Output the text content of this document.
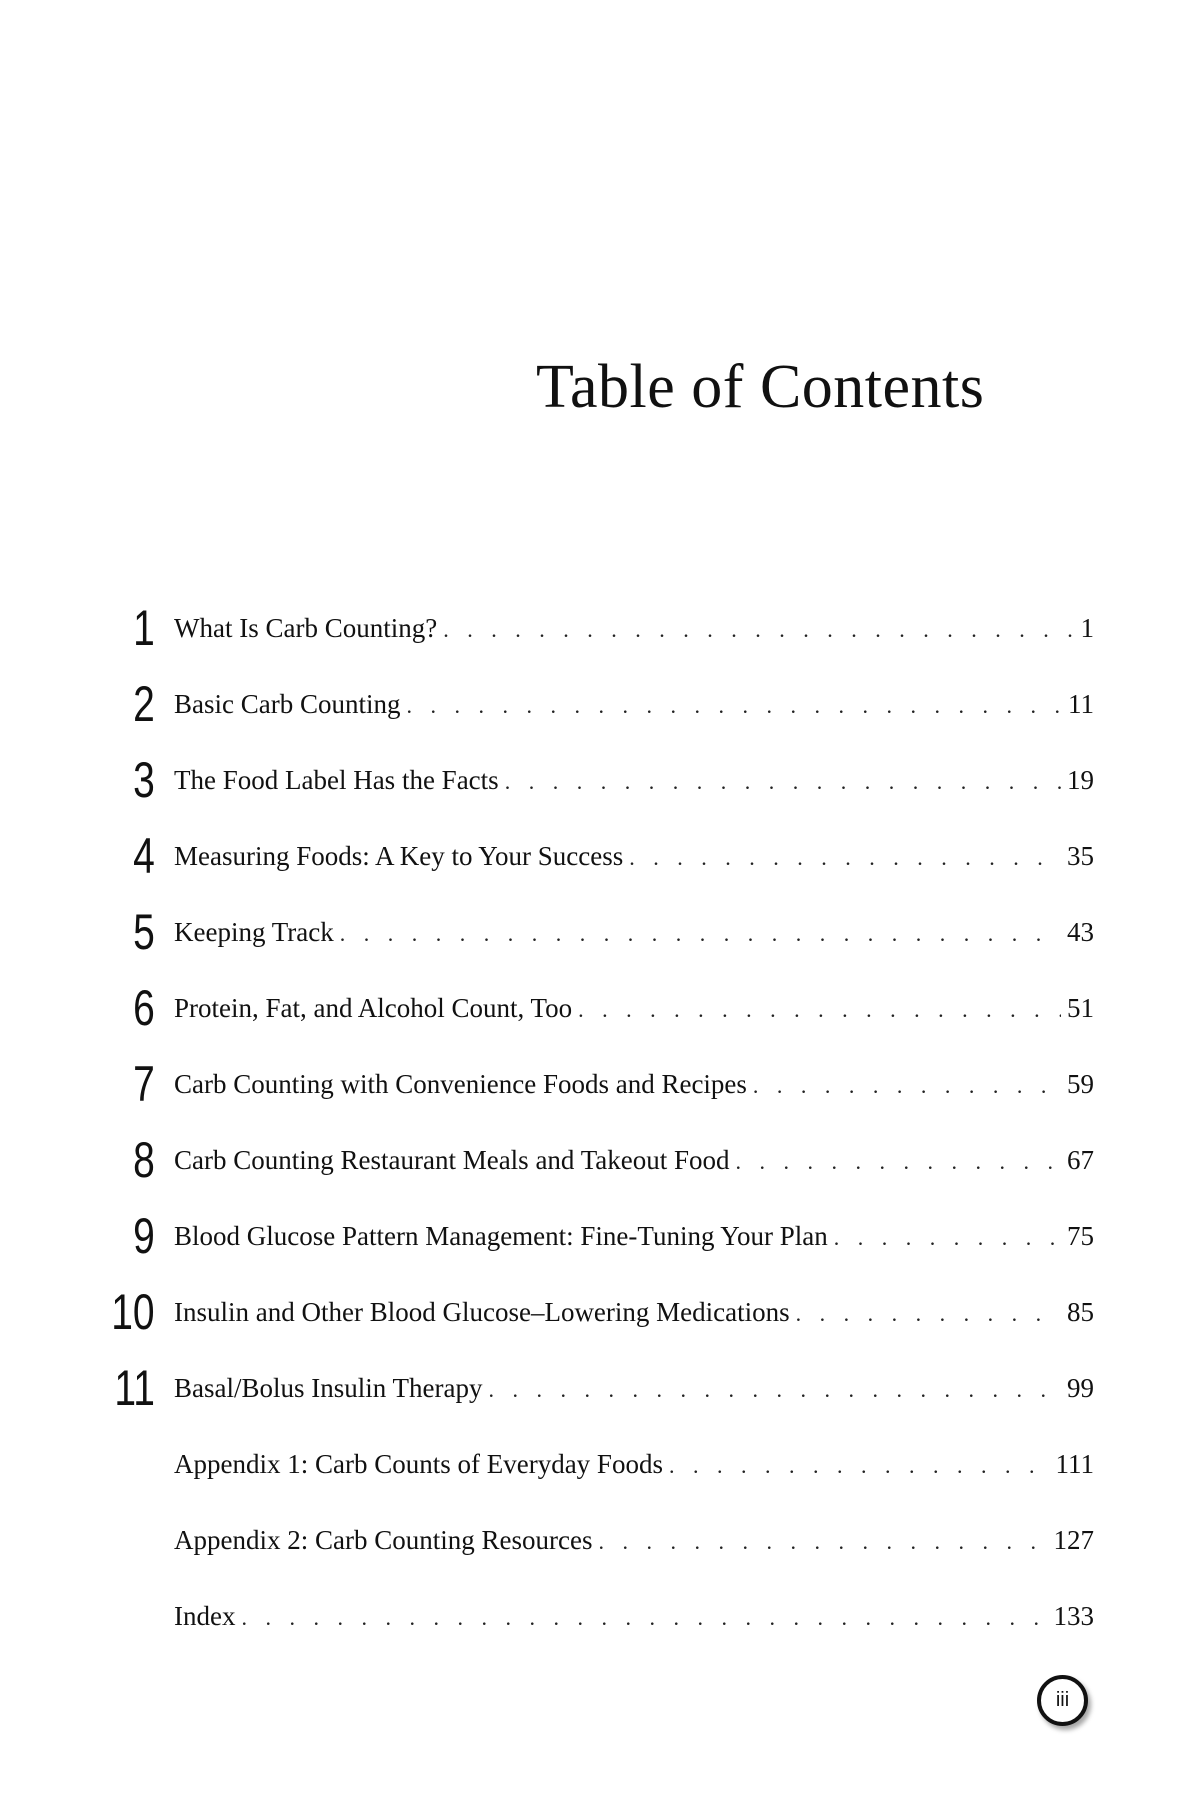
Table of Contents
1 What Is Carb Counting? . . .	1
2 Basic Carb Counting . . .	11
3 The Food Label Has the Facts . . .	19
4 Measuring Foods: A Key to Your Success . . .	35
5 Keeping Track . . .	43
6 Protein, Fat, and Alcohol Count, Too . . .	51
7 Carb Counting with Convenience Foods and Recipes . . .	59
8 Carb Counting Restaurant Meals and Takeout Food . . .	67
9 Blood Glucose Pattern Management: Fine-Tuning Your Plan . . .	75
10 Insulin and Other Blood Glucose–Lowering Medications . . .	85
11 Basal/Bolus Insulin Therapy . . .	99
Appendix 1: Carb Counts of Everyday Foods . . .	111
Appendix 2: Carb Counting Resources . . .	127
Index . . .	133
iii
